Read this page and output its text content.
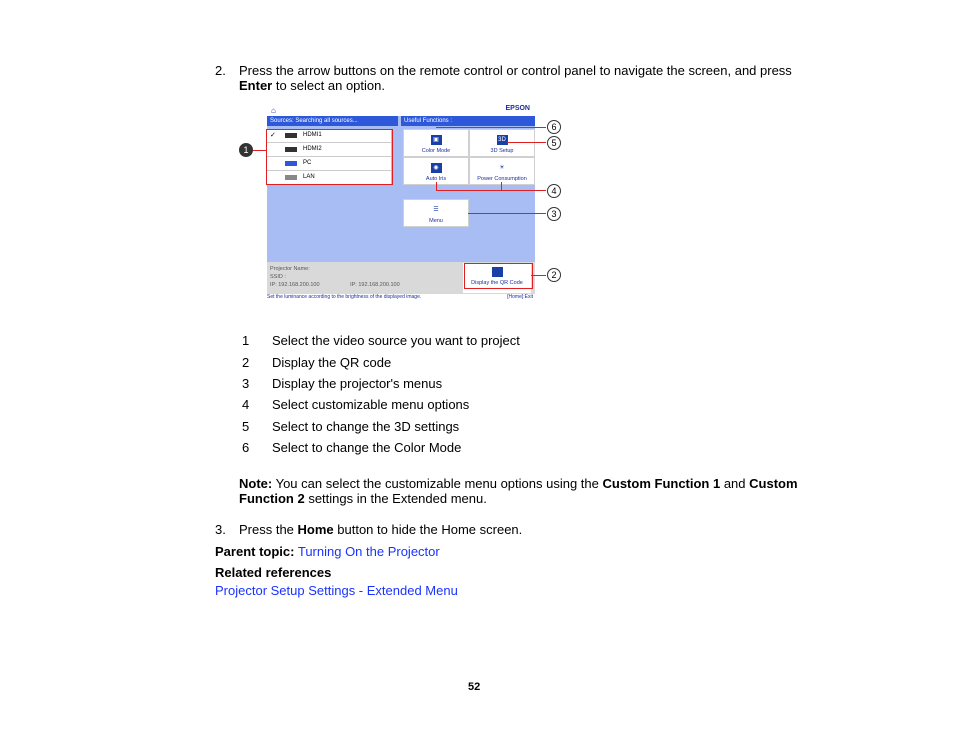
2. Press the arrow buttons on the remote control or control panel to navigate the screen, and press
Enter to select an option.
⌂	EPSON
Sources: Searching all sources...	Useful Functions :
✓	HDMI1
HDMI2
PC
LAN
▣
Color Mode
3D
3D Setup
◉
Auto Iris
☀
Power Consumption
☰
Menu
Projector Name:
SSID :
IP: 192.168.200.100	IP: 192.168.200.100	Display the QR Code
Set the luminance according to the brightness of the displayed image.	[Home]:Exit
1
2
3
4
5
6
1 Select the video source you want to project
2 Display the QR code
3 Display the projector's menus
4 Select customizable menu options
5 Select to change the 3D settings
6 Select to change the Color Mode
Note: You can select the customizable menu options using the Custom Function 1 and Custom
Function 2 settings in the Extended menu.
3. Press the Home button to hide the Home screen.
Parent topic: Turning On the Projector
Related references
Projector Setup Settings - Extended Menu
52
